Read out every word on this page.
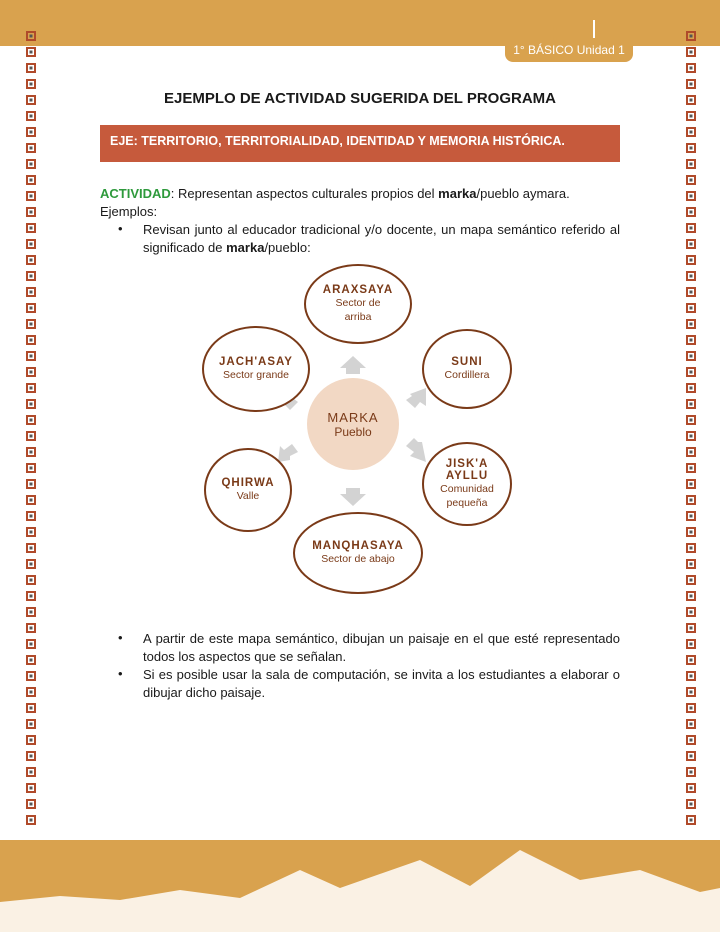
1° BÁSICO Unidad 1
EJEMPLO DE ACTIVIDAD SUGERIDA DEL PROGRAMA
EJE: TERRITORIO, TERRITORIALIDAD, IDENTIDAD Y MEMORIA HISTÓRICA.
ACTIVIDAD: Representan aspectos culturales propios del marka/pueblo aymara.
Ejemplos:
• Revisan junto al educador tradicional y/o docente, un mapa semántico referido al significado de marka/pueblo:
MARKA
Pueblo
ARAXSAYA
Sector de arriba
SUNI
Cordillera
JISK'A AYLLU
Comunidad pequeña
MANQHASAYA
Sector de abajo
QHIRWA
Valle
JACH'ASAY
Sector grande
• A partir de este mapa semántico, dibujan un paisaje en el que esté representado todos los aspectos que se señalan.
• Si es posible usar la sala de computación, se invita a los estudiantes a elaborar o dibujar dicho paisaje.
